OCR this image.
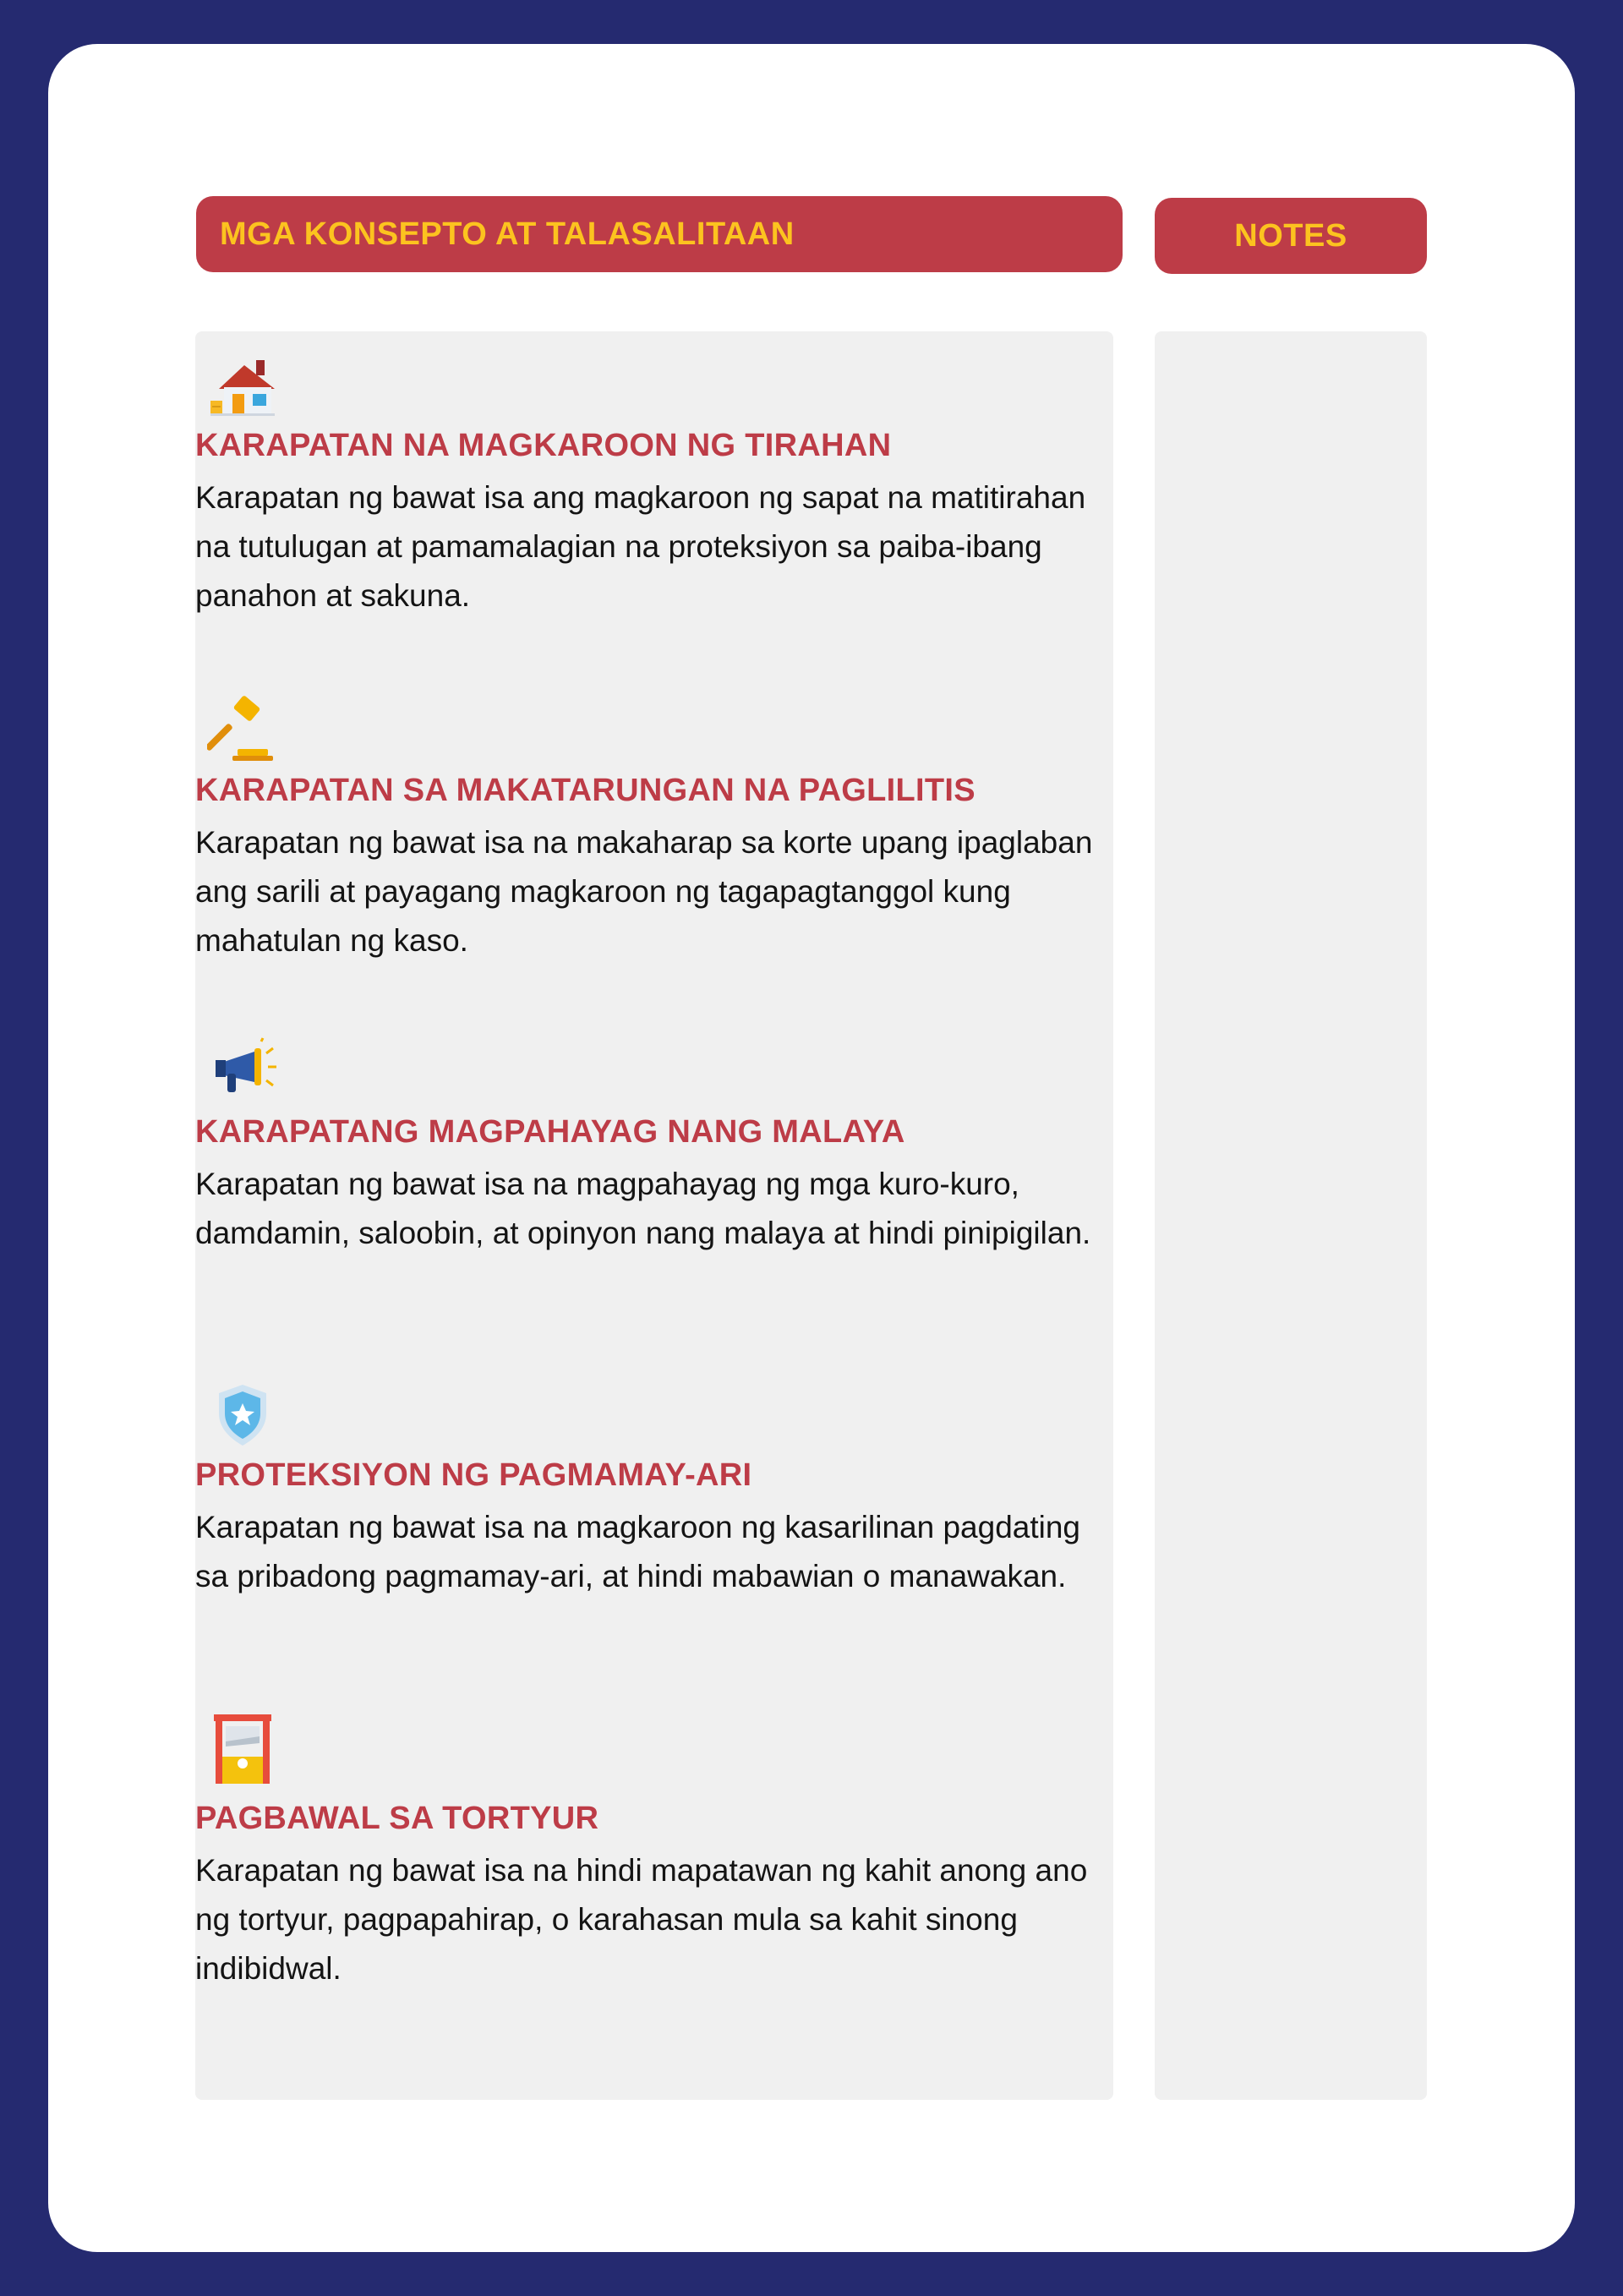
MGA KONSEPTO AT TALASALITAAN	NOTES
KARAPATAN NA MAGKAROON NG TIRAHAN

Karapatan ng bawat isa ang magkaroon ng sapat na matitirahan na tutulugan at pamamalagian na proteksiyon sa paiba-ibang panahon at sakuna.

KARAPATAN SA MAKATARUNGAN NA PAGLILITIS

Karapatan ng bawat isa na makaharap sa korte upang ipaglaban ang sarili at payagang magkaroon ng tagapagtanggol kung mahatulan ng kaso.

KARAPATANG MAGPAHAYAG NANG MALAYA

Karapatan ng bawat isa na magpahayag ng mga kuro-kuro, damdamin, saloobin, at opinyon nang malaya at hindi pinipigilan.

PROTEKSIYON NG PAGMAMAY-ARI

Karapatan ng bawat isa na magkaroon ng kasarilinan pagdating sa pribadong pagmamay-ari, at hindi mabawian o manawakan.

PAGBAWAL SA TORTYUR

Karapatan ng bawat isa na hindi mapatawan ng kahit anong ano ng tortyur, pagpapahirap, o karahasan mula sa kahit sinong indibidwal.
